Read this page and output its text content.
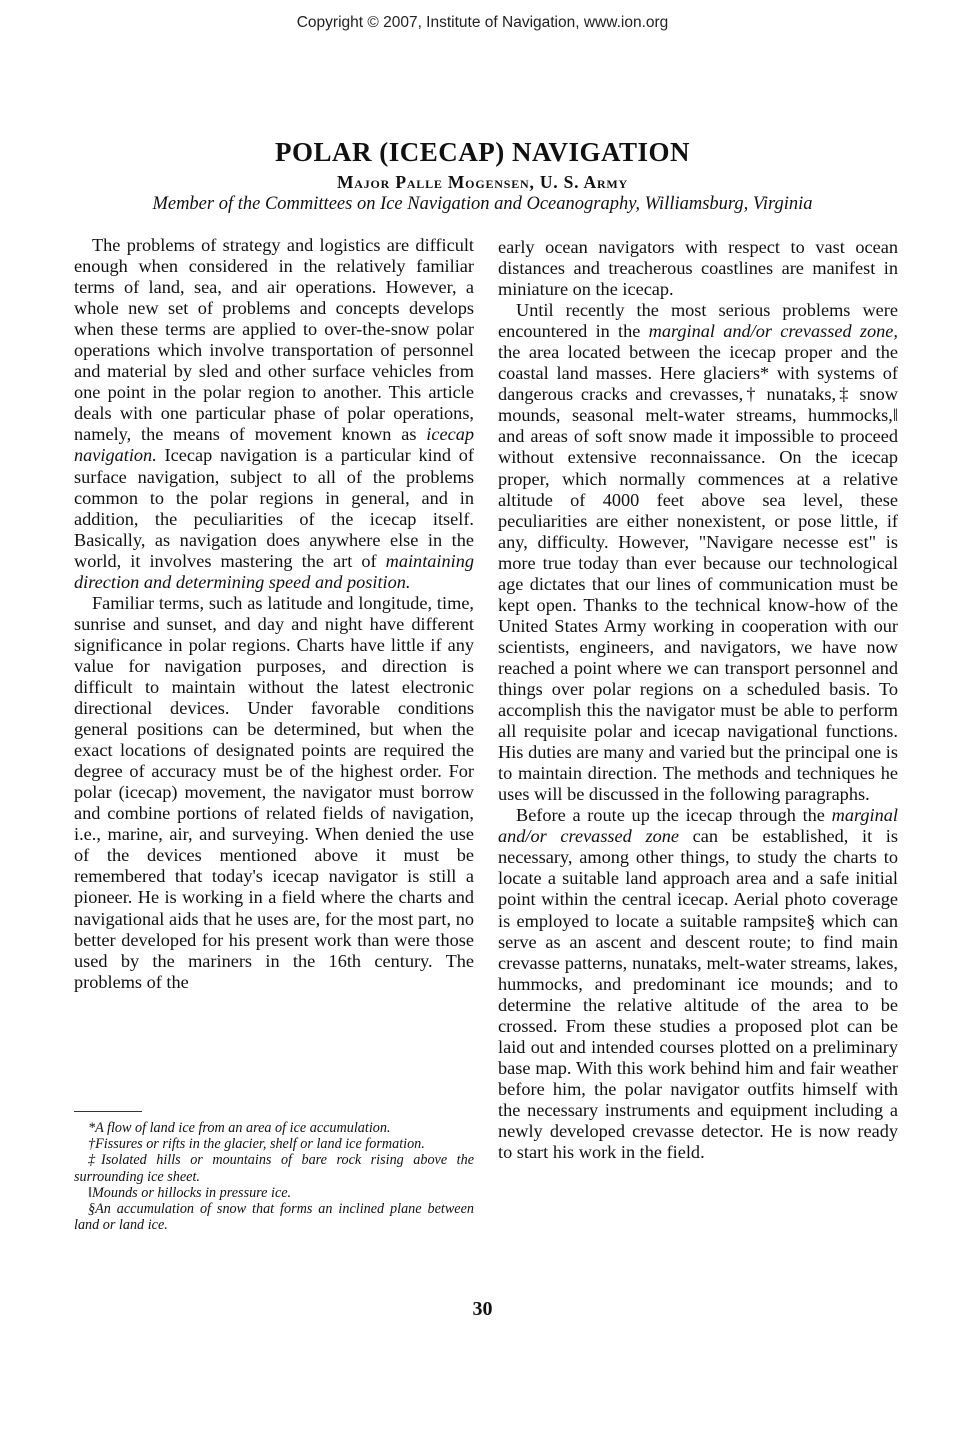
Copyright © 2007, Institute of Navigation, www.ion.org
POLAR (ICECAP) NAVIGATION
Major Palle Mogensen, U. S. Army
Member of the Committees on Ice Navigation and Oceanography, Williamsburg, Virginia

The problems of strategy and logistics are difficult enough when considered in the relatively familiar terms of land, sea, and air operations. However, a whole new set of problems and concepts develops when these terms are applied to over-the-snow polar operations which involve transportation of personnel and material by sled and other surface vehicles from one point in the polar region to another. This article deals with one particular phase of polar operations, namely, the means of movement known as icecap navigation. Icecap navigation is a particular kind of surface navigation, subject to all of the problems common to the polar regions in general, and in addition, the peculiarities of the icecap itself. Basically, as navigation does anywhere else in the world, it involves mastering the art of maintaining direction and determining speed and position.

Familiar terms, such as latitude and longitude, time, sunrise and sunset, and day and night have different significance in polar regions. Charts have little if any value for navigation purposes, and direction is difficult to maintain without the latest electronic directional devices. Under favorable conditions general positions can be determined, but when the exact locations of designated points are required the degree of accuracy must be of the highest order. For polar (icecap) movement, the navigator must borrow and combine portions of related fields of navigation, i.e., marine, air, and surveying. When denied the use of the devices mentioned above it must be remembered that today's icecap navigator is still a pioneer. He is working in a field where the charts and navigational aids that he uses are, for the most part, no better developed for his present work than were those used by the mariners in the 16th century. The problems of the

*A flow of land ice from an area of ice accumulation.

†Fissures or rifts in the glacier, shelf or land ice formation.

‡Isolated hills or mountains of bare rock rising above the surrounding ice sheet.

‖Mounds or hillocks in pressure ice.

§An accumulation of snow that forms an inclined plane between land or land ice.

early ocean navigators with respect to vast ocean distances and treacherous coastlines are manifest in miniature on the icecap.

Until recently the most serious problems were encountered in the marginal and/or crevassed zone, the area located between the icecap proper and the coastal land masses. Here glaciers* with systems of dangerous cracks and crevasses,† nunataks,‡ snow mounds, seasonal melt-water streams, hummocks,‖ and areas of soft snow made it impossible to proceed without extensive reconnaissance. On the icecap proper, which normally commences at a relative altitude of 4000 feet above sea level, these peculiarities are either nonexistent, or pose little, if any, difficulty. However, "Navigare necesse est" is more true today than ever because our technological age dictates that our lines of communication must be kept open. Thanks to the technical know-how of the United States Army working in cooperation with our scientists, engineers, and navigators, we have now reached a point where we can transport personnel and things over polar regions on a scheduled basis. To accomplish this the navigator must be able to perform all requisite polar and icecap navigational functions. His duties are many and varied but the principal one is to maintain direction. The methods and techniques he uses will be discussed in the following paragraphs.

Before a route up the icecap through the marginal and/or crevassed zone can be established, it is necessary, among other things, to study the charts to locate a suitable land approach area and a safe initial point within the central icecap. Aerial photo coverage is employed to locate a suitable rampsite§ which can serve as an ascent and descent route; to find main crevasse patterns, nunataks, melt-water streams, lakes, hummocks, and predominant ice mounds; and to determine the relative altitude of the area to be crossed. From these studies a proposed plot can be laid out and intended courses plotted on a preliminary base map. With this work behind him and fair weather before him, the polar navigator outfits himself with the necessary instruments and equipment including a newly developed crevasse detector. He is now ready to start his work in the field.

30
